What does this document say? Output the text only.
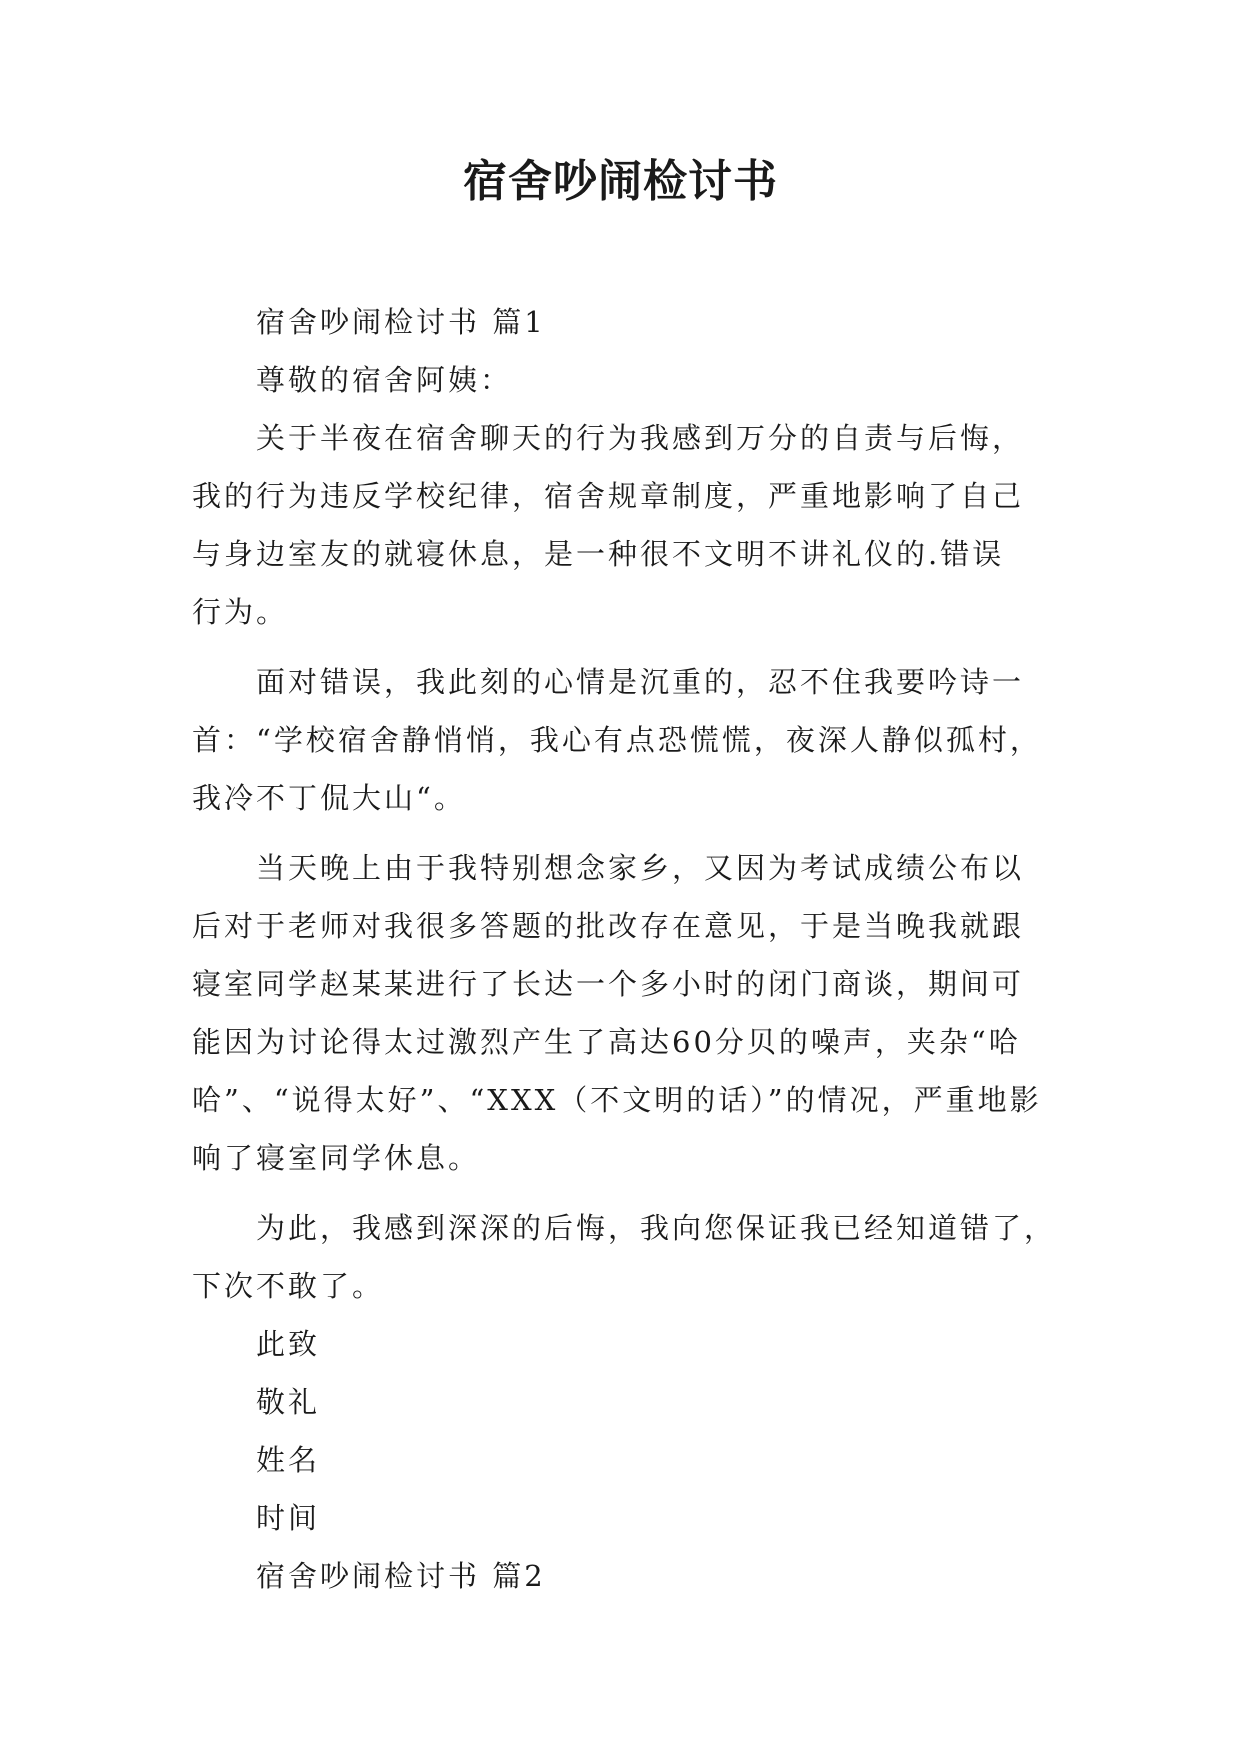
宿舍吵闹检讨书
宿舍吵闹检讨书 篇1
尊敬的宿舍阿姨：
关于半夜在宿舍聊天的行为我感到万分的自责与后悔，
我的行为违反学校纪律，宿舍规章制度，严重地影响了自己
与身边室友的就寝休息，是一种很不文明不讲礼仪的.错误
行为。
面对错误，我此刻的心情是沉重的，忍不住我要吟诗一
首：“学校宿舍静悄悄，我心有点恐慌慌，夜深人静似孤村，
我冷不丁侃大山“。
当天晚上由于我特别想念家乡，又因为考试成绩公布以
后对于老师对我很多答题的批改存在意见，于是当晚我就跟
寝室同学赵某某进行了长达一个多小时的闭门商谈，期间可
能因为讨论得太过激烈产生了高达60分贝的噪声，夹杂“哈
哈”、“说得太好”、“XXX（不文明的话）”的情况，严重地影
响了寝室同学休息。
为此，我感到深深的后悔，我向您保证我已经知道错了，
下次不敢了。
此致
敬礼
姓名
时间
宿舍吵闹检讨书 篇2
